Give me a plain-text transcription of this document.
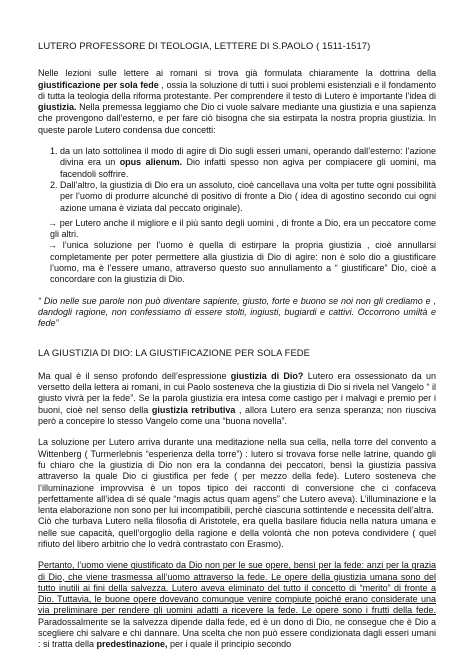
LUTERO PROFESSORE DI TEOLOGIA, LETTERE DI S.PAOLO ( 1511-1517)

Nelle lezioni sulle lettere ai romani si trova già formulata chiaramente la dottrina della giustificazione per sola fede , ossia la soluzione di tutti i suoi problemi esistenziali e il fondamento di tutta la teologia della riforma protestante. Per comprendere il testo di Lutero è importante l’idea di giustizia. Nella premessa leggiamo che Dio ci vuole salvare mediante una giustizia e una sapienza che provengono dall’esterno, e per fare ciò bisogna che sia estirpata la nostra propria giustizia. In queste parole Lutero condensa due concetti:

1. da un lato sottolinea il modo di agire di Dio sugli esseri umani, operando dall’esterno: l’azione divina era un opus alienum. Dio infatti spesso non agiva per compiacere gli uomini, ma facendoli soffrire.
2. Dall’altro, la giustizia di Dio era un assoluto, cioè cancellava una volta per tutte ogni possibilità per l’uomo di produrre alcunché di positivo di fronte a Dio ( idea di agostino secondo cui ogni azione umana è viziata dal peccato originale).
→ per Lutero anche il migliore e il più santo degli uomini , di fronte a Dio, era un peccatore come gli altri.
→ l’unica soluzione per l’uomo è quella di estirpare la propria giustizia , cioè annullarsi completamente per poter permettere alla giustizia di Dio di agire: non è solo dio a giustificare l’uomo, ma è l’essere umano, attraverso questo suo annullamento a “ giustificare” Dio, cioè a concordare con la giustizia di Dio.
“ Dio nelle sue parole non può diventare sapiente, giusto, forte e buono se noi non gli crediamo e , dandogli ragione, non confessiamo di essere stolti, ingiusti, bugiardi e cattivi. Occorrono umiltà e fede”
LA GIUSTIZIA DI DIO: LA GIUSTIFICAZIONE PER SOLA FEDE

Ma qual è il senso profondo dell’espressione giustizia di Dio? Lutero era ossessionato da un versetto della lettera ai romani, in cui Paolo sosteneva che la giustizia di Dio si rivela nel Vangelo “ il giusto vivrà per la fede”. Se la parola giustizia era intesa come castigo per i malvagi e premio per i buoni, cioè nel senso della giustizia retributiva , allora Lutero era senza speranza; non riusciva però a concepire lo stesso Vangelo come una “buona novella”.

La soluzione per Lutero arriva durante una meditazione nella sua cella, nella torre del convento a Wittenberg ( Turmerlebnis “esperienza della torre”) : lutero si trovava forse nelle latrine, quando gli fu chiaro che la giustizia di Dio non era la condanna dei peccatori, bensì la giustizia passiva attraverso la quale Dio ci giustifica per fede ( per mezzo della fede). Lutero sosteneva che l’illuminazione improvvisa è un topos tipico dei racconti di conversione che ci confaceva perfettamente all’idea di sé quale “magis actus quam agens” che Lutero aveva). L’illuminazione e la lenta elaborazione non sono per lui incompatibili, perchè ciascuna sottintende e necessita dell’altra.

Ciò che turbava Lutero nella filosofia di Aristotele, era quella basilare fiducia nella natura umana e nelle sue capacità, quell’orgoglio della ragione e della volontà che non poteva condividere ( quel rifiuto del libero arbitrio che lo vedrà contrastato con Erasmo).

Pertanto, l’uomo viene giustificato da Dio non per le sue opere, bensì per la fede: anzi per la grazia di Dio, che viene trasmessa all’uomo attraverso la fede. Le opere della giustizia umana sono del tutto inutili ai fini della salvezza. Lutero aveva eliminato del tutto il concetto di “merito” di fronte a Dio. Tuttavia, le buone opere dovevano comunque venire compiute poiché erano considerate una via preliminare per rendere gli uomini adatti a ricevere la fede. Le opere sono i frutti della fede. Paradossalmente se la salvezza dipende dalla fede, ed è un dono di Dio, ne consegue che è Dio a scegliere chi salvare e chi dannare. Una scelta che non può essere condizionata dagli esseri umani : si tratta della predestinazione, per i quale il principio secondo
